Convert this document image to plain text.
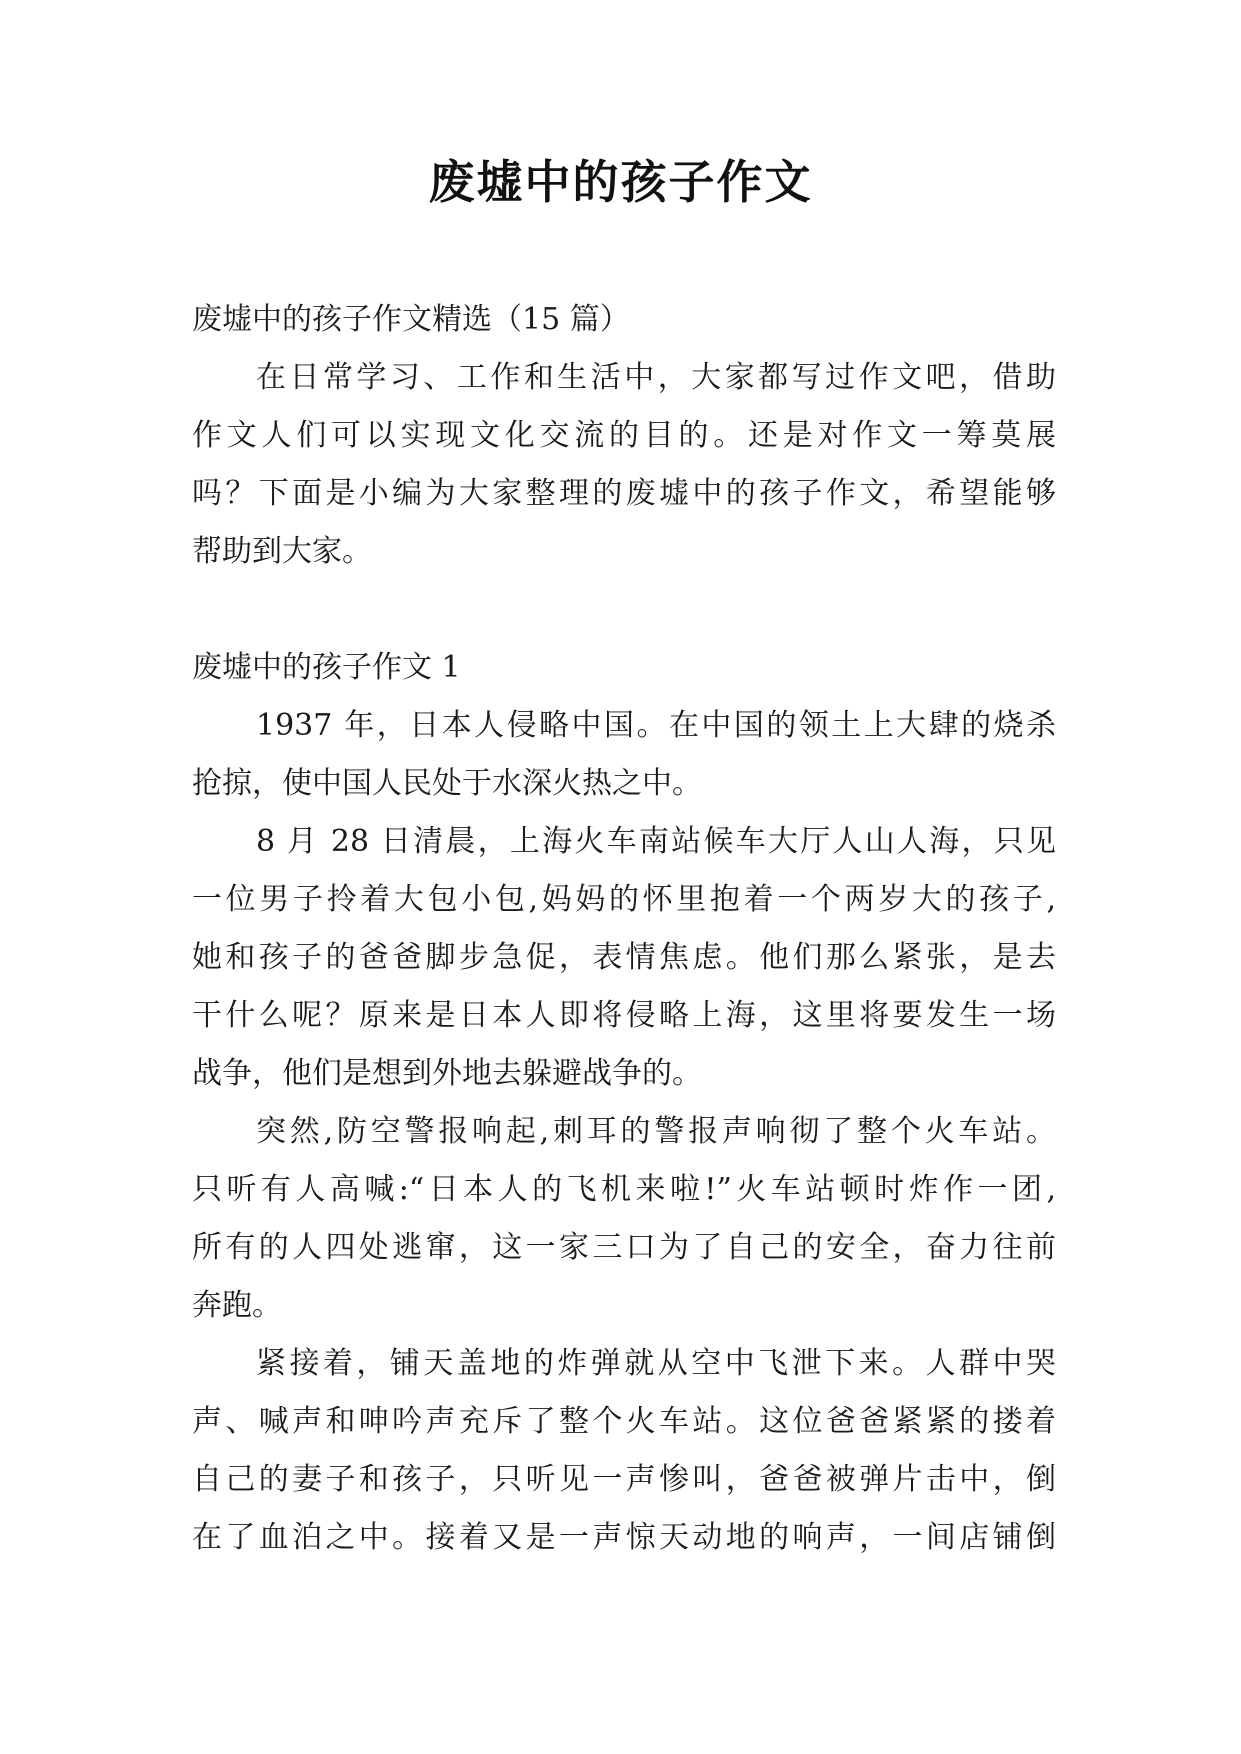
废墟中的孩子作文
废墟中的孩子作文精选（15 篇）
在日常学习、工作和生活中，大家都写过作文吧，借助
作文人们可以实现文化交流的目的。还是对作文一筹莫展
吗？下面是小编为大家整理的废墟中的孩子作文，希望能够
帮助到大家。
废墟中的孩子作文 1
1937 年，日本人侵略中国。在中国的领土上大肆的烧杀
抢掠，使中国人民处于水深火热之中。
8 月 28 日清晨，上海火车南站候车大厅人山人海，只见
一位男子拎着大包小包,妈妈的怀里抱着一个两岁大的孩子,
她和孩子的爸爸脚步急促，表情焦虑。他们那么紧张，是去
干什么呢？原来是日本人即将侵略上海，这里将要发生一场
战争，他们是想到外地去躲避战争的。
突然,防空警报响起,刺耳的警报声响彻了整个火车站。
只听有人高喊:“日本人的飞机来啦!”火车站顿时炸作一团,
所有的人四处逃窜，这一家三口为了自己的安全，奋力往前
奔跑。
紧接着，铺天盖地的炸弹就从空中飞泄下来。人群中哭
声、喊声和呻吟声充斥了整个火车站。这位爸爸紧紧的搂着
自己的妻子和孩子，只听见一声惨叫，爸爸被弹片击中，倒
在了血泊之中。接着又是一声惊天动地的响声，一间店铺倒
